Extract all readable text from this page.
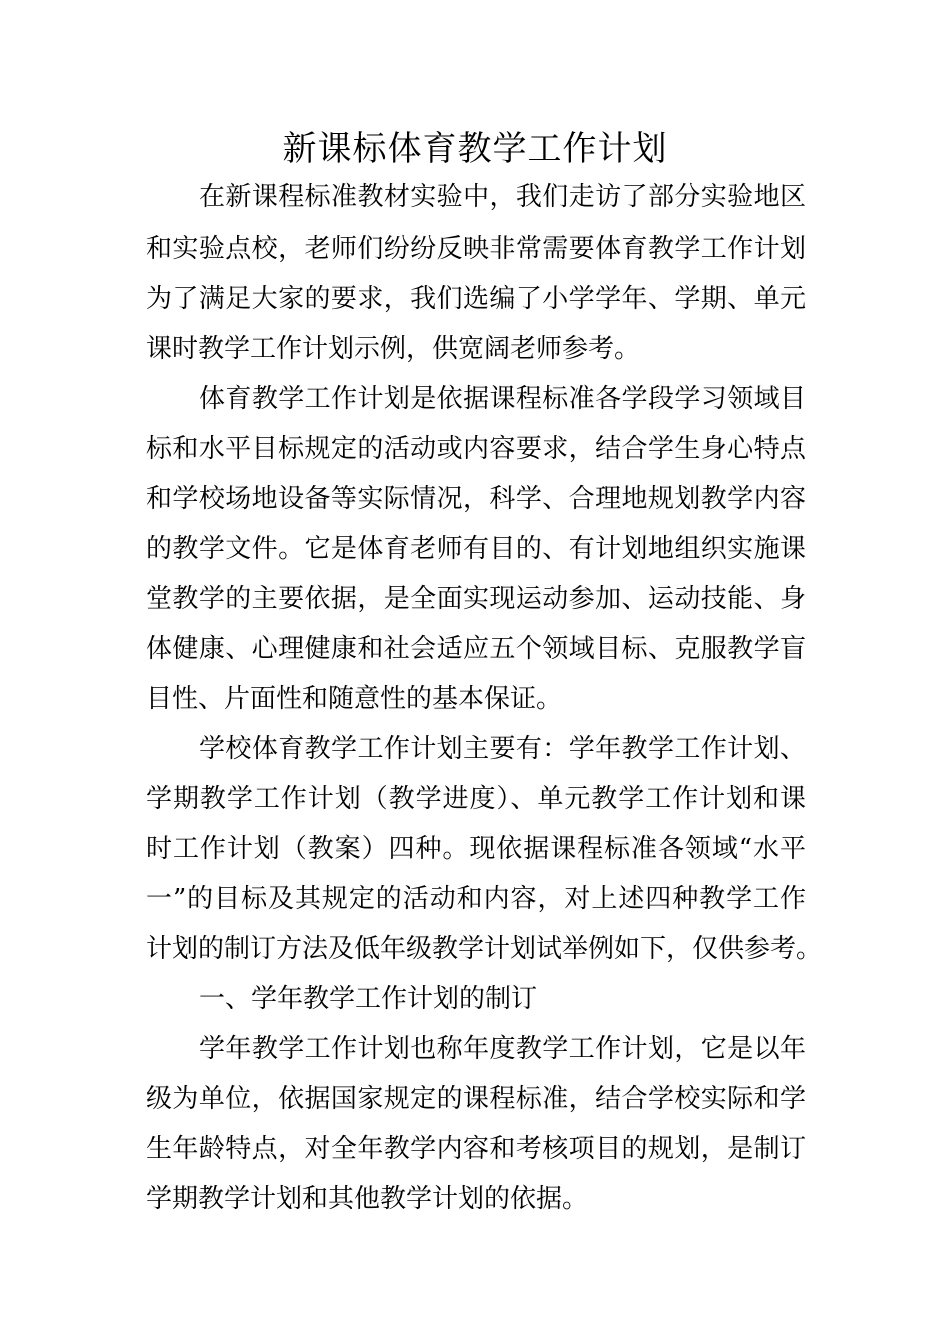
新课标体育教学工作计划
在新课程标准教材实验中，我们走访了部分实验地区
和实验点校，老师们纷纷反映非常需要体育教学工作计划
为了满足大家的要求，我们选编了小学学年、学期、单元
课时教学工作计划示例，供宽阔老师参考。
体育教学工作计划是依据课程标准各学段学习领域目
标和水平目标规定的活动或内容要求，结合学生身心特点
和学校场地设备等实际情况，科学、合理地规划教学内容
的教学文件。它是体育老师有目的、有计划地组织实施课
堂教学的主要依据，是全面实现运动参加、运动技能、身
体健康、心理健康和社会适应五个领域目标、克服教学盲
目性、片面性和随意性的基本保证。
学校体育教学工作计划主要有：学年教学工作计划、
学期教学工作计划（教学进度）、单元教学工作计划和课
时工作计划（教案）四种。现依据课程标准各领域“水平
一”的目标及其规定的活动和内容，对上述四种教学工作
计划的制订方法及低年级教学计划试举例如下，仅供参考。
一、学年教学工作计划的制订
学年教学工作计划也称年度教学工作计划，它是以年
级为单位，依据国家规定的课程标准，结合学校实际和学
生年龄特点，对全年教学内容和考核项目的规划，是制订
学期教学计划和其他教学计划的依据。
